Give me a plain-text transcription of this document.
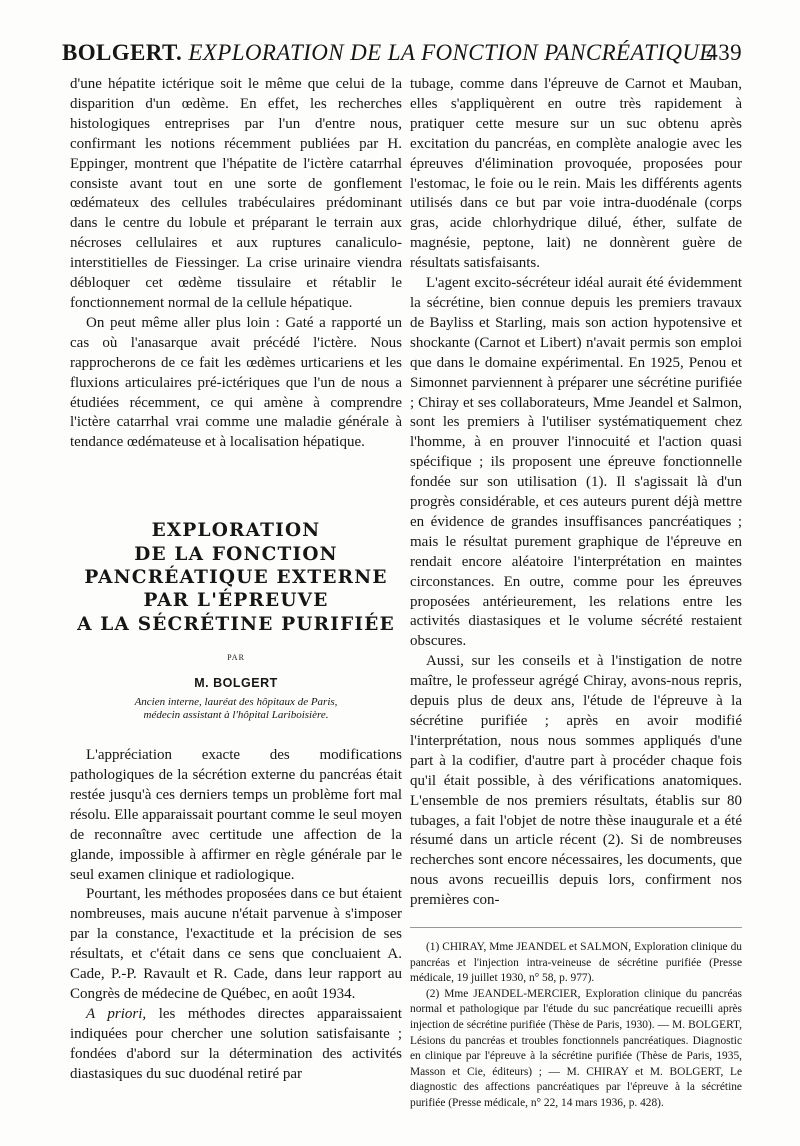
BOLGERT. EXPLORATION DE LA FONCTION PANCRÉATIQUE
439

d'une hépatite ictérique soit le même que celui de la disparition d'un œdème. En effet, les recherches histologiques entreprises par l'un d'entre nous, confirmant les notions récemment publiées par H. Eppinger, montrent que l'hépatite de l'ictère catarrhal consiste avant tout en une sorte de gonflement œdémateux des cellules trabéculaires prédominant dans le centre du lobule et préparant le terrain aux nécroses cellulaires et aux ruptures canaliculo-interstitielles de Fiessinger. La crise urinaire viendra débloquer cet œdème tissulaire et rétablir le fonctionnement normal de la cellule hépatique.

On peut même aller plus loin : Gaté a rapporté un cas où l'anasarque avait précédé l'ictère. Nous rapprocherons de ce fait les œdèmes urticariens et les fluxions articulaires pré-ictériques que l'un de nous a étudiées récemment, ce qui amène à comprendre l'ictère catarrhal vrai comme une maladie générale à tendance œdémateuse et à localisation hépatique.

EXPLORATION
DE LA FONCTION
PANCRÉATIQUE EXTERNE
PAR L'ÉPREUVE
A LA SÉCRÉTINE PURIFIÉE
PAR
M. BOLGERT
Ancien interne, lauréat des hôpitaux de Paris,
médecin assistant à l'hôpital Lariboisière.

L'appréciation exacte des modifications pathologiques de la sécrétion externe du pancréas était restée jusqu'à ces derniers temps un problème fort mal résolu. Elle apparaissait pourtant comme le seul moyen de reconnaître avec certitude une affection de la glande, impossible à affirmer en règle générale par le seul examen clinique et radiologique.

Pourtant, les méthodes proposées dans ce but étaient nombreuses, mais aucune n'était parvenue à s'imposer par la constance, l'exactitude et la précision de ses résultats, et c'était dans ce sens que concluaient A. Cade, P.-P. Ravault et R. Cade, dans leur rapport au Congrès de médecine de Québec, en août 1934.

A priori, les méthodes directes apparaissaient indiquées pour chercher une solution satisfaisante ; fondées d'abord sur la détermination des activités diastasiques du suc duodénal retiré par

tubage, comme dans l'épreuve de Carnot et Mauban, elles s'appliquèrent en outre très rapidement à pratiquer cette mesure sur un suc obtenu après excitation du pancréas, en complète analogie avec les épreuves d'élimination provoquée, proposées pour l'estomac, le foie ou le rein. Mais les différents agents utilisés dans ce but par voie intra-duodénale (corps gras, acide chlorhydrique dilué, éther, sulfate de magnésie, peptone, lait) ne donnèrent guère de résultats satisfaisants.

L'agent excito-sécréteur idéal aurait été évidemment la sécrétine, bien connue depuis les premiers travaux de Bayliss et Starling, mais son action hypotensive et shockante (Carnot et Libert) n'avait permis son emploi que dans le domaine expérimental. En 1925, Penou et Simonnet parviennent à préparer une sécrétine purifiée ; Chiray et ses collaborateurs, Mme Jeandel et Salmon, sont les premiers à l'utiliser systématiquement chez l'homme, à en prouver l'innocuité et l'action quasi spécifique ; ils proposent une épreuve fonctionnelle fondée sur son utilisation (1). Il s'agissait là d'un progrès considérable, et ces auteurs purent déjà mettre en évidence de grandes insuffisances pancréatiques ; mais le résultat purement graphique de l'épreuve en rendait encore aléatoire l'interprétation en maintes circonstances. En outre, comme pour les épreuves proposées antérieurement, les relations entre les activités diastasiques et le volume sécrété restaient obscures.

Aussi, sur les conseils et à l'instigation de notre maître, le professeur agrégé Chiray, avons-nous repris, depuis plus de deux ans, l'étude de l'épreuve à la sécrétine purifiée ; après en avoir modifié l'interprétation, nous nous sommes appliqués d'une part à la codifier, d'autre part à procéder chaque fois qu'il était possible, à des vérifications anatomiques. L'ensemble de nos premiers résultats, établis sur 80 tubages, a fait l'objet de notre thèse inaugurale et a été résumé dans un article récent (2). Si de nombreuses recherches sont encore nécessaires, les documents, que nous avons recueillis depuis lors, confirment nos premières con-

(1) CHIRAY, Mme JEANDEL et SALMON, Exploration clinique du pancréas et l'injection intra-veineuse de sécrétine purifiée (Presse médicale, 19 juillet 1930, n° 58, p. 977).

(2) Mme JEANDEL-MERCIER, Exploration clinique du pancréas normal et pathologique par l'étude du suc pancréatique recueilli après injection de sécrétine purifiée (Thèse de Paris, 1930). — M. BOLGERT, Lésions du pancréas et troubles fonctionnels pancréatiques. Diagnostic en clinique par l'épreuve à la sécrétine purifiée (Thèse de Paris, 1935, Masson et Cie, éditeurs) ; — M. CHIRAY et M. BOLGERT, Le diagnostic des affections pancréatiques par l'épreuve à la sécrétine purifiée (Presse médicale, n° 22, 14 mars 1936, p. 428).
